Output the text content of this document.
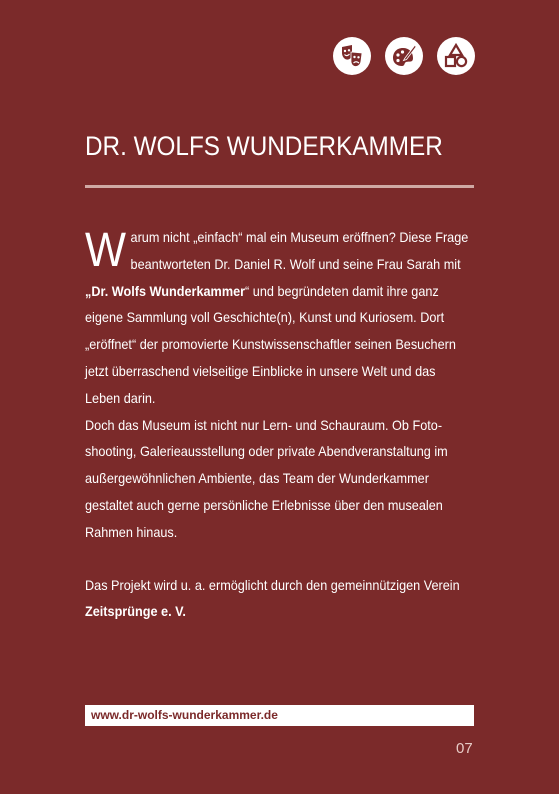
DR. WOLFS WUNDERKAMMER

Warum nicht „einfach“ mal ein Museum eröffnen? Diese Frage beantworteten Dr. Daniel R. Wolf und seine Frau Sarah mit „Dr. Wolfs Wunderkammer“ und begründeten damit ihre ganz eigene Sammlung voll Geschichte(n), Kunst und Kuriosem. Dort „eröffnet“ der promovierte Kunstwissenschaftler seinen Besuchern jetzt überraschend vielseitige Einblicke in unsere Welt und das Leben darin.

Doch das Museum ist nicht nur Lern- und Schauraum. Ob Fotoshooting, Galerieausstellung oder private Abendveranstaltung im außergewöhnlichen Ambiente, das Team der Wunderkammer gestaltet auch gerne persönliche Erlebnisse über den musealen Rahmen hinaus.

Das Projekt wird u. a. ermöglicht durch den gemeinnützigen Verein Zeitsprünge e. V.

www.dr-wolfs-wunderkammer.de
07
